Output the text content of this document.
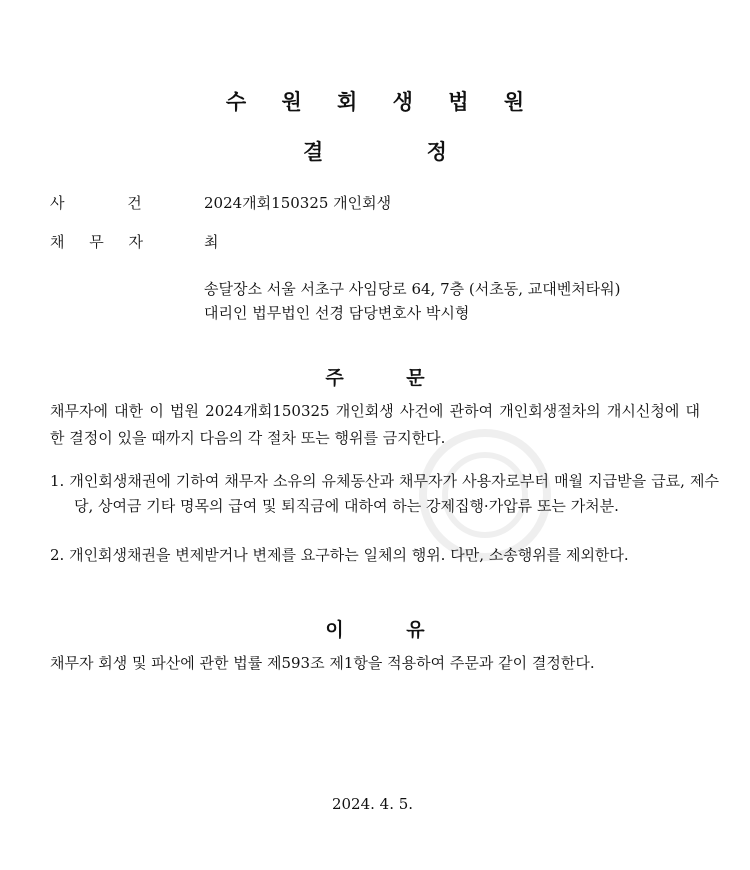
수 원 회 생 법 원
결 정
사 건	2024개회150325 개인회생
채 무 자	최
송달장소 서울 서초구 사임당로 64, 7층 (서초동, 교대벤처타워)
대리인 법무법인 선경 담당변호사 박시형
주 문
채무자에 대한 이 법원 2024개회150325 개인회생 사건에 관하여 개인회생절차의 개시신청에 대한 결정이 있을 때까지 다음의 각 절차 또는 행위를 금지한다.
1. 개인회생채권에 기하여 채무자 소유의 유체동산과 채무자가 사용자로부터 매월 지급받을 급료, 제수당, 상여금 기타 명목의 급여 및 퇴직금에 대하여 하는 강제집행·가압류 또는 가처분.
2. 개인회생채권을 변제받거나 변제를 요구하는 일체의 행위. 다만, 소송행위를 제외한다.
이 유
채무자 회생 및 파산에 관한 법률 제593조 제1항을 적용하여 주문과 같이 결정한다.
2024. 4. 5.
